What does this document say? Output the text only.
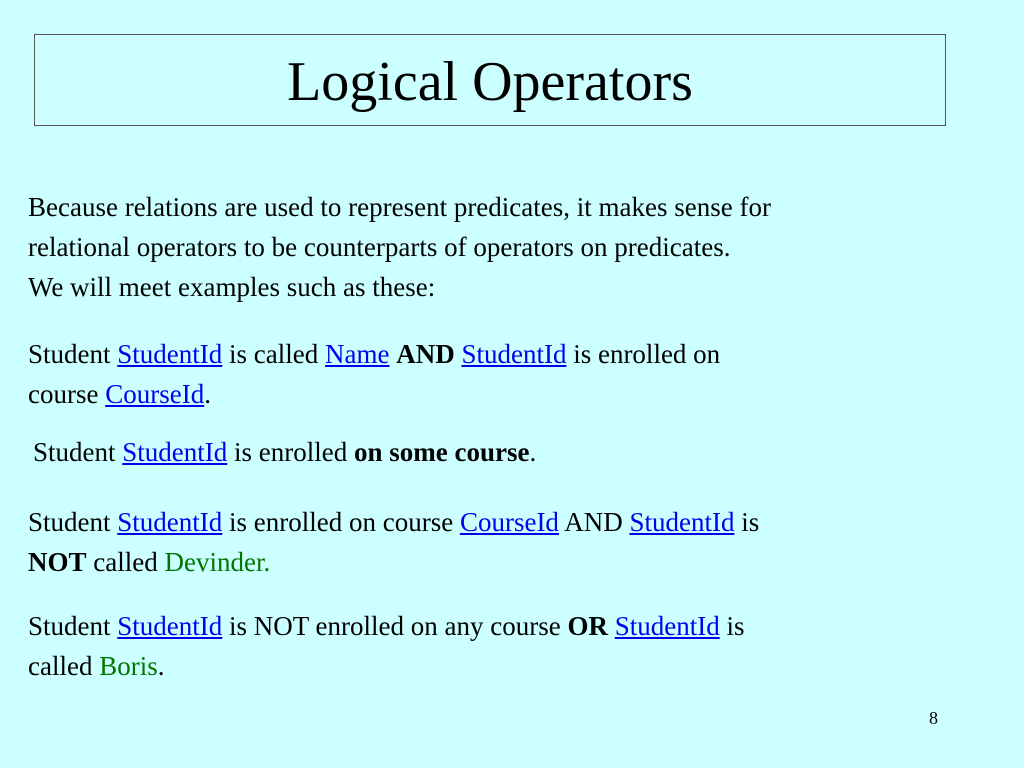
Logical Operators

Because relations are used to represent predicates, it makes sense for
relational operators to be counterparts of operators on predicates.
We will meet examples such as these:

Student StudentId is called Name AND StudentId is enrolled on
course CourseId.

Student StudentId is enrolled on some course.

Student StudentId is enrolled on course CourseId AND StudentId is
NOT called Devinder.

Student StudentId is NOT enrolled on any course OR StudentId is
called Boris.

8
